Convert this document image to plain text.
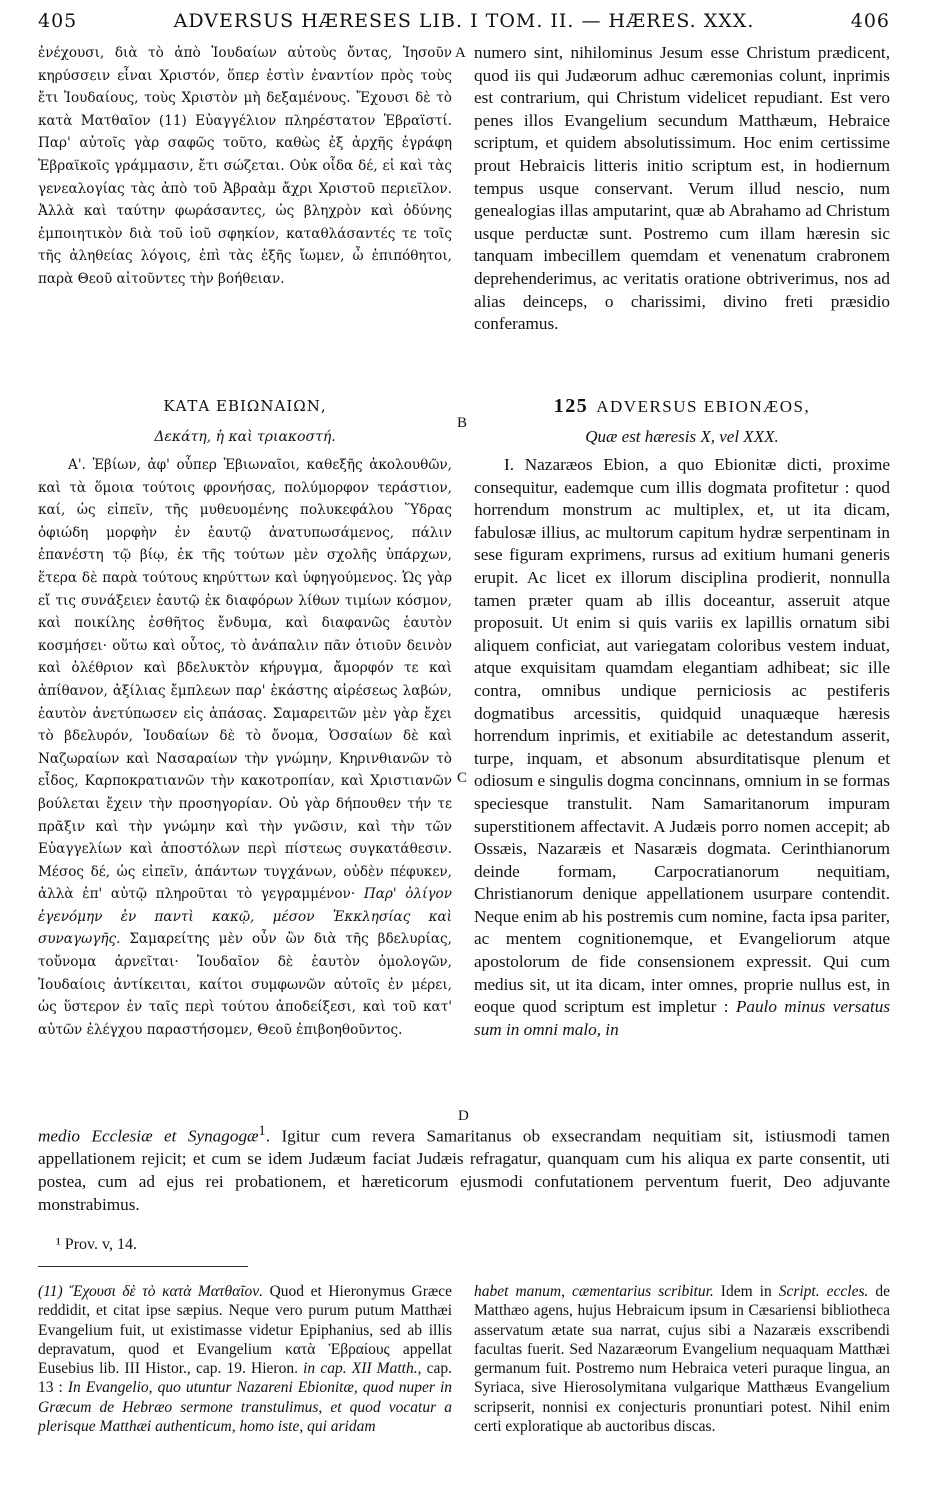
405	ADVERSUS HÆRESES LIB. I TOM. II. — HÆRES. XXX.	406

ἐνέχουσι, διὰ τὸ ἀπὸ Ἰουδαίων αὐτοὺς ὄντας, Ἰησοῦν κηρύσσειν εἶναι Χριστόν, ὅπερ ἐστὶν ἐναντίον πρὸς τοὺς ἔτι Ἰουδαίους, τοὺς Χριστὸν μὴ δεξαμένους. Ἔχουσι δὲ τὸ κατὰ Ματθαῖον (11) Εὐαγγέλιον πληρέστατον Ἑβραϊστί. Παρ' αὐτοῖς γὰρ σαφῶς τοῦτο, καθὼς ἐξ ἀρχῆς ἐγράφη Ἑβραϊκοῖς γράμμασιν, ἔτι σώζεται. Οὐκ οἶδα δέ, εἰ καὶ τὰς γενεαλογίας τὰς ἀπὸ τοῦ Ἀβραὰμ ἄχρι Χριστοῦ περιεῖλον. Ἀλλὰ καὶ ταύτην φωράσαντες, ὡς βληχρὸν καὶ ὀδύνης ἐμποιητικὸν διὰ τοῦ ἰοῦ σφηκίον, καταθλάσαντές τε τοῖς τῆς ἀληθείας λόγοις, ἐπὶ τὰς ἑξῆς ἴωμεν, ὦ ἐπιπόθητοι, παρὰ Θεοῦ αἰτοῦντες τὴν βοήθειαν.

numero sint, nihilominus Jesum esse Christum prædicent, quod iis qui Judæorum adhuc cæremonias colunt, inprimis est contrarium, qui Christum videlicet repudiant. Est vero penes illos Evangelium secundum Matthæum, Hebraice scriptum, et quidem absolutissimum. Hoc enim certissime prout Hebraicis litteris initio scriptum est, in hodiernum tempus usque conservant. Verum illud nescio, num genealogias illas amputarint, quæ ab Abrahamo ad Christum usque perductæ sunt. Postremo cum illam hæresin sic tanquam imbecillem quemdam et venenatum crabronem deprehenderimus, ac veritatis oratione obtriverimus, nos ad alias deinceps, o charissimi, divino freti præsidio conferamus.

A
B
C
D
ΚΑΤΑ ΕΒΙΩΝΑΙΩΝ,
Δεκάτη, ἡ καὶ τριακοστή.

Α'. Ἐβίων, ἀφ' οὗπερ Ἐβιωναῖοι, καθεξῆς ἀκολουθῶν, καὶ τὰ ὅμοια τούτοις φρονήσας, πολύμορφον τεράστιον, καί, ὡς εἰπεῖν, τῆς μυθευομένης πολυκεφάλου Ὕδρας ὀφιώδη μορφὴν ἐν ἑαυτῷ ἀνατυπωσάμενος, πάλιν ἐπανέστη τῷ βίῳ, ἐκ τῆς τούτων μὲν σχολῆς ὑπάρχων, ἕτερα δὲ παρὰ τούτους κηρύττων καὶ ὑφηγούμενος. Ὡς γὰρ εἴ τις συνάξειεν ἑαυτῷ ἐκ διαφόρων λίθων τιμίων κόσμον, καὶ ποικίλης ἐσθῆτος ἔνδυμα, καὶ διαφανῶς ἑαυτὸν κοσμήσει· οὕτω καὶ οὗτος, τὸ ἀνάπαλιν πᾶν ὁτιοῦν δεινὸν καὶ ὀλέθριον καὶ βδελυκτὸν κήρυγμα, ἄμορφόν τε καὶ ἀπίθανον, ἀξίλιας ἔμπλεων παρ' ἑκάστης αἱρέσεως λαβών, ἑαυτὸν ἀνετύπωσεν εἰς ἁπάσας. Σαμαρειτῶν μὲν γὰρ ἔχει τὸ βδελυρόν, Ἰουδαίων δὲ τὸ ὄνομα, Ὀσσαίων δὲ καὶ Ναζωραίων καὶ Νασαραίων τὴν γνώμην, Κηρινθιανῶν τὸ εἶδος, Καρποκρατιανῶν τὴν κακοτροπίαν, καὶ Χριστιανῶν βούλεται ἔχειν τὴν προσηγορίαν. Οὐ γὰρ δήπουθεν τήν τε πρᾶξιν καὶ τὴν γνώμην καὶ τὴν γνῶσιν, καὶ τὴν τῶν Εὐαγγελίων καὶ ἀποστόλων περὶ πίστεως συγκατάθεσιν. Μέσος δέ, ὡς εἰπεῖν, ἁπάντων τυγχάνων, οὐδὲν πέφυκεν, ἀλλὰ ἐπ' αὐτῷ πληροῦται τὸ γεγραμμένον· Παρ' ὀλίγον ἐγενόμην ἐν παντὶ κακῷ, μέσον Ἐκκλησίας καὶ συναγωγῆς. Σαμαρείτης μὲν οὖν ὢν διὰ τῆς βδελυρίας, τοὔνομα ἀρνεῖται· Ἰουδαῖον δὲ ἑαυτὸν ὁμολογῶν, Ἰουδαίοις ἀντίκειται, καίτοι συμφωνῶν αὐτοῖς ἐν μέρει, ὡς ὕστερον ἐν ταῖς περὶ τούτου ἀποδείξεσι, καὶ τοῦ κατ' αὐτῶν ἐλέγχου παραστήσομεν, Θεοῦ ἐπιβοηθοῦντος.

125 ADVERSUS EBIONÆOS,
Quæ est hæresis X, vel XXX.

I. Nazaræos Ebion, a quo Ebionitæ dicti, proxime consequitur, eademque cum illis dogmata profitetur : quod horrendum monstrum ac multiplex, et, ut ita dicam, fabulosæ illius, ac multorum capitum hydræ serpentinam in sese figuram exprimens, rursus ad exitium humani generis erupit. Ac licet ex illorum disciplina prodierit, nonnulla tamen præter quam ab illis doceantur, asseruit atque proposuit. Ut enim si quis variis ex lapillis ornatum sibi aliquem conficiat, aut variegatam coloribus vestem induat, atque exquisitam quamdam elegantiam adhibeat; sic ille contra, omnibus undique perniciosis ac pestiferis dogmatibus arcessitis, quidquid unaquæque hæresis horrendum inprimis, et exitiabile ac detestandum asserit, turpe, inquam, et absonum absurditatisque plenum et odiosum e singulis dogma concinnans, omnium in se formas speciesque transtulit. Nam Samaritanorum impuram superstitionem affectavit. A Judæis porro nomen accepit; ab Ossæis, Nazaræis et Nasaræis dogmata. Cerinthianorum deinde formam, Carpocratianorum nequitiam, Christianorum denique appellationem usurpare contendit. Neque enim ab his postremis cum nomine, facta ipsa pariter, ac mentem cognitionemque, et Evangeliorum atque apostolorum de fide consensionem expressit. Qui cum medius sit, ut ita dicam, inter omnes, proprie nullus est, in eoque quod scriptum est impletur : Paulo minus versatus sum in omni malo, in

medio Ecclesiæ et Synagogæ$^1$. Igitur cum revera Samaritanus ob exsecrandam nequitiam sit, istiusmodi tamen appellationem rejicit; et cum se idem Judæum faciat Judæis refragatur, quanquam cum his aliqua ex parte consentit, uti postea, cum ad ejus rei probationem, et hæreticorum ejusmodi confutationem perventum fuerit, Deo adjuvante monstrabimus.
¹ Prov. v, 14.
(11) Ἔχουσι δὲ τὸ κατὰ Ματθαῖον. Quod et Hieronymus Græce reddidit, et citat ipse sæpius. Neque vero purum putum Matthæi Evangelium fuit, ut existimasse videtur Epiphanius, sed ab illis depravatum, quod et Evangelium κατὰ Ἑβραίους appellat Eusebius lib. III Histor., cap. 19. Hieron. in cap. XII Matth., cap. 13 : In Evangelio, quo utuntur Nazareni Ebionitæ, quod nuper in Græcum de Hebræo sermone transtulimus, et quod vocatur a plerisque Matthæi authenticum, homo iste, qui aridam
habet manum, cæmentarius scribitur. Idem in Script. eccles. de Matthæo agens, hujus Hebraicum ipsum in Cæsariensi bibliotheca asservatum ætate sua narrat, cujus sibi a Nazaræis exscribendi facultas fuerit. Sed Nazaræorum Evangelium nequaquam Matthæi germanum fuit. Postremo num Hebraica veteri puraque lingua, an Syriaca, sive Hierosolymitana vulgarique Matthæus Evangelium scripserit, nonnisi ex conjecturis pronuntiari potest. Nihil enim certi exploratique ab auctoribus discas.
